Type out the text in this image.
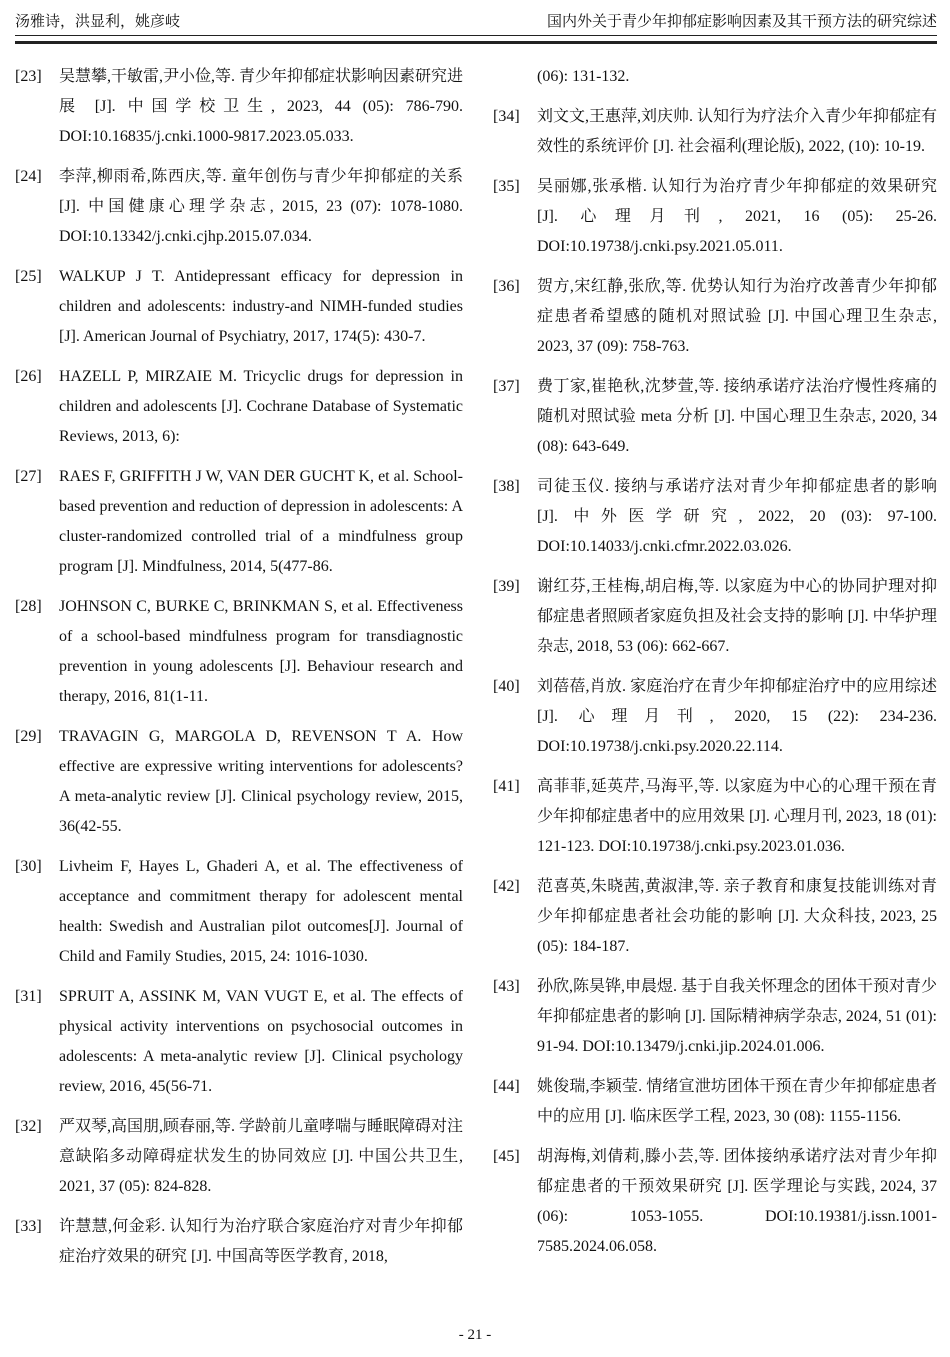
汤雅诗，洪显利，姚彦岐	国内外关于青少年抑郁症影响因素及其干预方法的研究综述
[23] 吴慧攀,干敏雷,尹小俭,等. 青少年抑郁症状影响因素研究进展 [J]. 中国学校卫生, 2023, 44 (05): 786-790. DOI:10.16835/j.cnki.1000-9817.2023.05.033.
[24] 李萍,柳雨希,陈西庆,等. 童年创伤与青少年抑郁症的关系 [J]. 中国健康心理学杂志, 2015, 23 (07): 1078-1080. DOI:10.13342/j.cnki.cjhp.2015.07.034.
[25] WALKUP J T. Antidepressant efficacy for depression in children and adolescents: industry-and NIMH-funded studies [J]. American Journal of Psychiatry, 2017, 174(5): 430-7.
[26] HAZELL P, MIRZAIE M. Tricyclic drugs for depression in children and adolescents [J]. Cochrane Database of Systematic Reviews, 2013, 6):
[27] RAES F, GRIFFITH J W, VAN DER GUCHT K, et al. School-based prevention and reduction of depression in adolescents: A cluster-randomized controlled trial of a mindfulness group program [J]. Mindfulness, 2014, 5(477-86.
[28] JOHNSON C, BURKE C, BRINKMAN S, et al. Effectiveness of a school-based mindfulness program for transdiagnostic prevention in young adolescents [J]. Behaviour research and therapy, 2016, 81(1-11.
[29] TRAVAGIN G, MARGOLA D, REVENSON T A. How effective are expressive writing interventions for adolescents? A meta-analytic review [J]. Clinical psychology review, 2015, 36(42-55.
[30] Livheim F, Hayes L, Ghaderi A, et al. The effectiveness of acceptance and commitment therapy for adolescent mental health: Swedish and Australian pilot outcomes[J]. Journal of Child and Family Studies, 2015, 24: 1016-1030.
[31] SPRUIT A, ASSINK M, VAN VUGT E, et al. The effects of physical activity interventions on psychosocial outcomes in adolescents: A meta-analytic review [J]. Clinical psychology review, 2016, 45(56-71.
[32] 严双琴,高国朋,顾春丽,等. 学龄前儿童哮喘与睡眠障碍对注意缺陷多动障碍症状发生的协同效应 [J]. 中国公共卫生, 2021, 37 (05): 824-828.
[33] 许慧慧,何金彩. 认知行为治疗联合家庭治疗对青少年抑郁症治疗效果的研究 [J]. 中国高等医学教育, 2018,
(06): 131-132.
[34] 刘文文,王惠萍,刘庆帅. 认知行为疗法介入青少年抑郁症有效性的系统评价 [J]. 社会福利(理论版), 2022, (10): 10-19.
[35] 吴丽娜,张承楷. 认知行为治疗青少年抑郁症的效果研究 [J]. 心理月刊, 2021, 16 (05): 25-26. DOI:10.19738/j.cnki.psy.2021.05.011.
[36] 贺方,宋红静,张欣,等. 优势认知行为治疗改善青少年抑郁症患者希望感的随机对照试验 [J]. 中国心理卫生杂志, 2023, 37 (09): 758-763.
[37] 费丁家,崔艳秋,沈梦萱,等. 接纳承诺疗法治疗慢性疼痛的随机对照试验 meta 分析 [J]. 中国心理卫生杂志, 2020, 34 (08): 643-649.
[38] 司徒玉仪. 接纳与承诺疗法对青少年抑郁症患者的影响 [J]. 中外医学研究, 2022, 20 (03): 97-100. DOI:10.14033/j.cnki.cfmr.2022.03.026.
[39] 谢红芬,王桂梅,胡启梅,等. 以家庭为中心的协同护理对抑郁症患者照顾者家庭负担及社会支持的影响 [J]. 中华护理杂志, 2018, 53 (06): 662-667.
[40] 刘蓓蓓,肖放. 家庭治疗在青少年抑郁症治疗中的应用综述 [J]. 心理月刊, 2020, 15 (22): 234-236. DOI:10.19738/j.cnki.psy.2020.22.114.
[41] 高菲菲,延英芹,马海平,等. 以家庭为中心的心理干预在青少年抑郁症患者中的应用效果 [J]. 心理月刊, 2023, 18 (01): 121-123. DOI:10.19738/j.cnki.psy.2023.01.036.
[42] 范喜英,朱晓茜,黄淑津,等. 亲子教育和康复技能训练对青少年抑郁症患者社会功能的影响 [J]. 大众科技, 2023, 25 (05): 184-187.
[43] 孙欣,陈昊铧,申晨煜. 基于自我关怀理念的团体干预对青少年抑郁症患者的影响 [J]. 国际精神病学杂志, 2024, 51 (01): 91-94. DOI:10.13479/j.cnki.jip.2024.01.006.
[44] 姚俊瑞,李颖莹. 情绪宣泄坊团体干预在青少年抑郁症患者中的应用 [J]. 临床医学工程, 2023, 30 (08): 1155-1156.
[45] 胡海梅,刘倩莉,滕小芸,等. 团体接纳承诺疗法对青少年抑郁症患者的干预效果研究 [J]. 医学理论与实践, 2024, 37 (06): 1053-1055. DOI:10.19381/j.issn.1001-7585.2024.06.058.
- 21 -
